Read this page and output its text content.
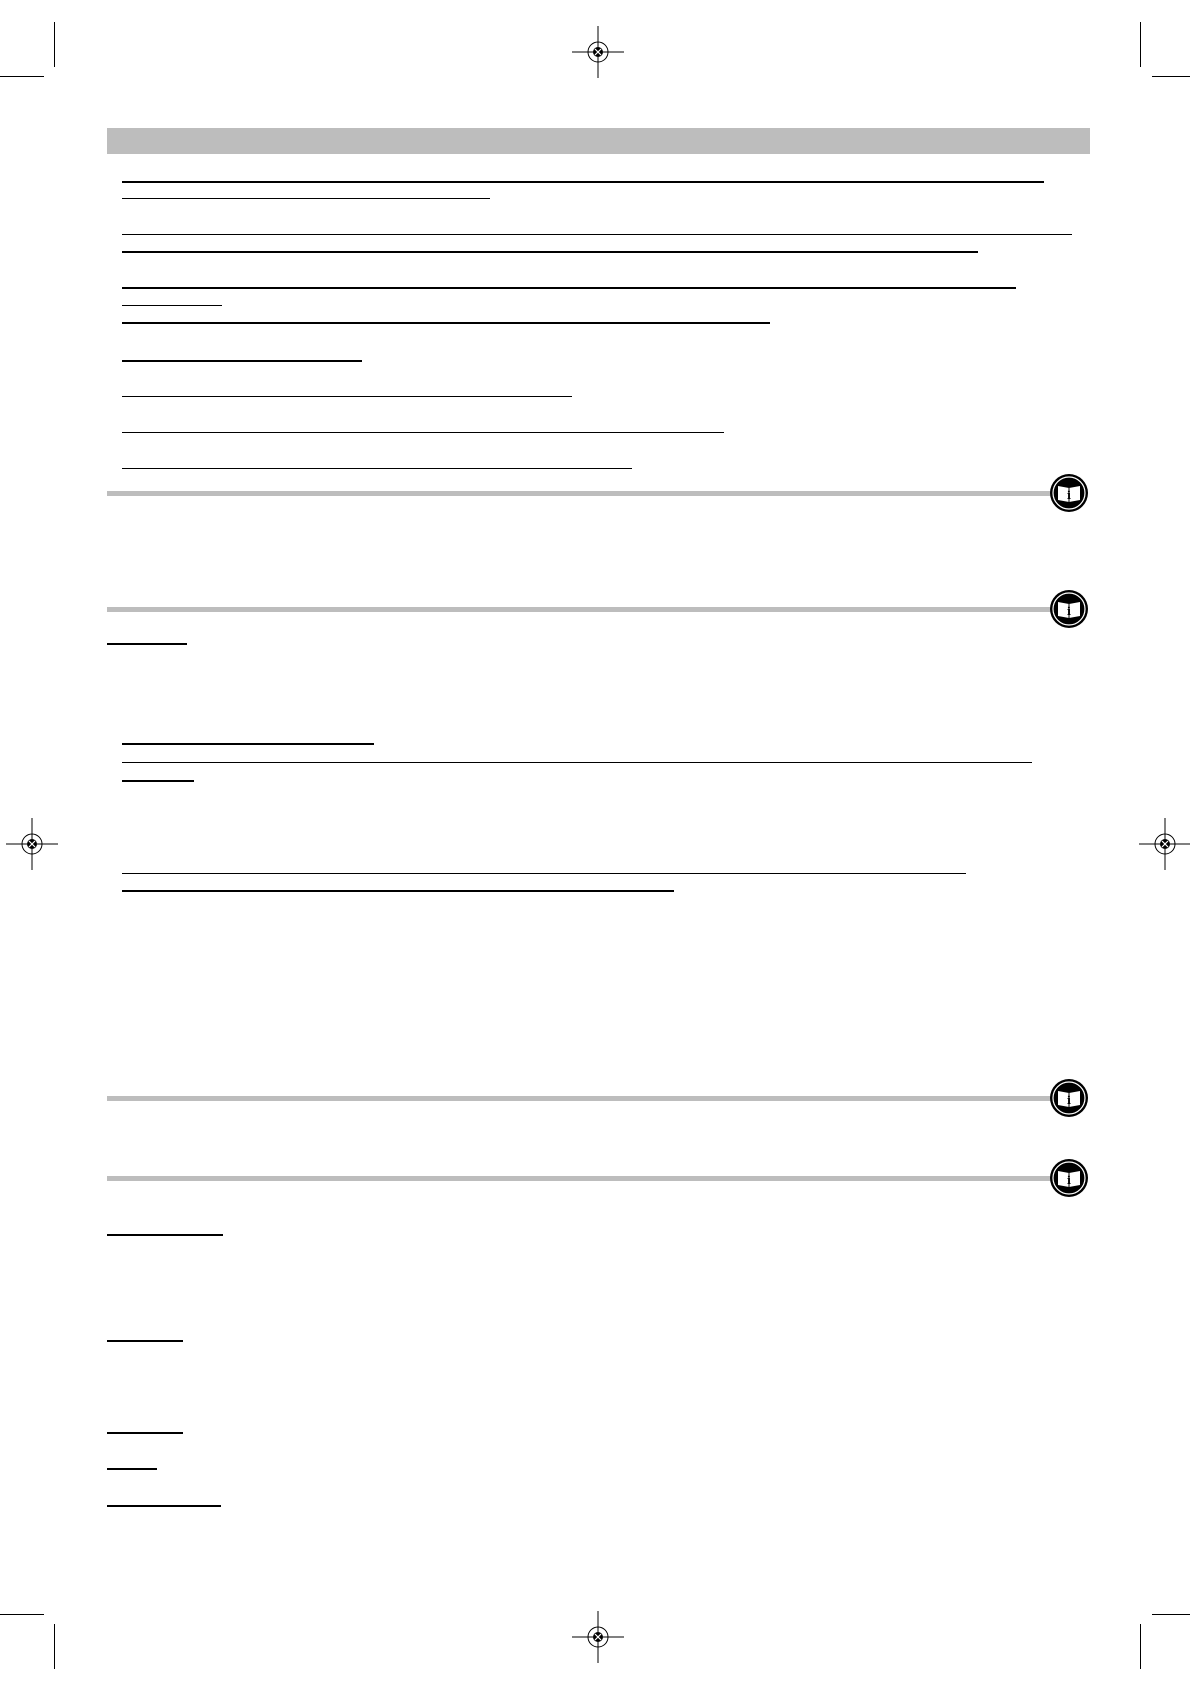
i
i
i
i
